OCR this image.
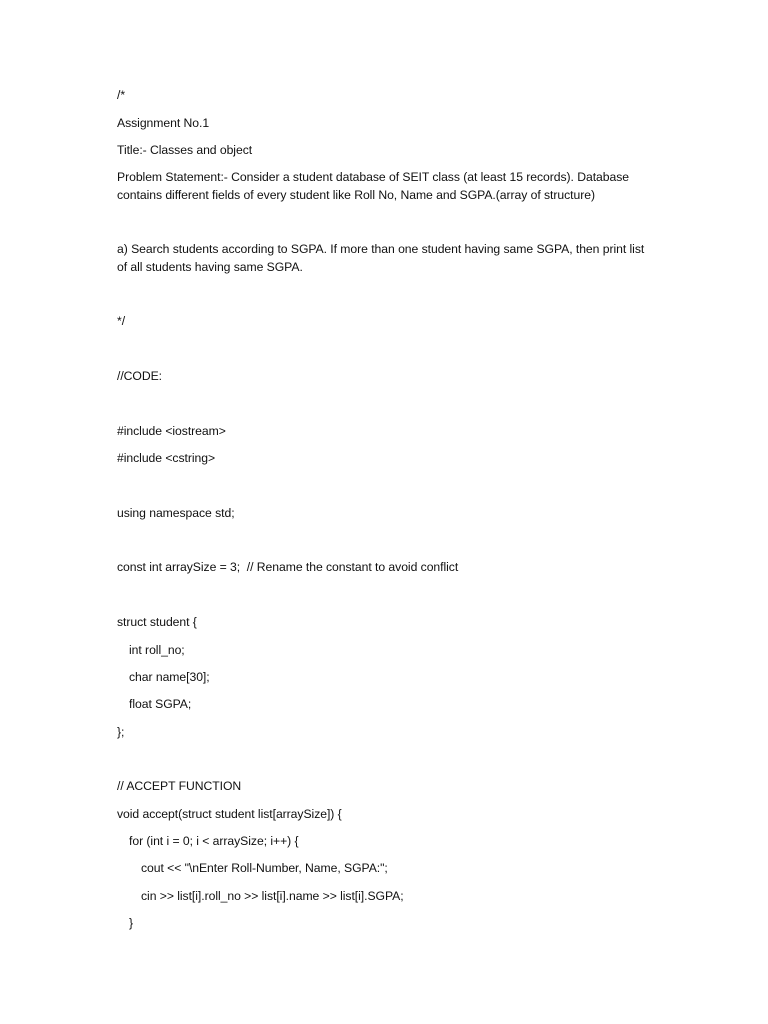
/*
Assignment No.1
Title:- Classes and object
Problem Statement:- Consider a student database of SEIT class (at least 15 records). Database contains different fields of every student like Roll No, Name and SGPA.(array of structure)
a) Search students according to SGPA. If more than one student having same SGPA, then print list of all students having same SGPA.
*/
//CODE:
#include <iostream>
#include <cstring>
using namespace std;
const int arraySize = 3;  // Rename the constant to avoid conflict
struct student {
int roll_no;
char name[30];
float SGPA;
};
// ACCEPT FUNCTION
void accept(struct student list[arraySize]) {
for (int i = 0; i < arraySize; i++) {
cout << "\nEnter Roll-Number, Name, SGPA:";
cin >> list[i].roll_no >> list[i].name >> list[i].SGPA;
}
